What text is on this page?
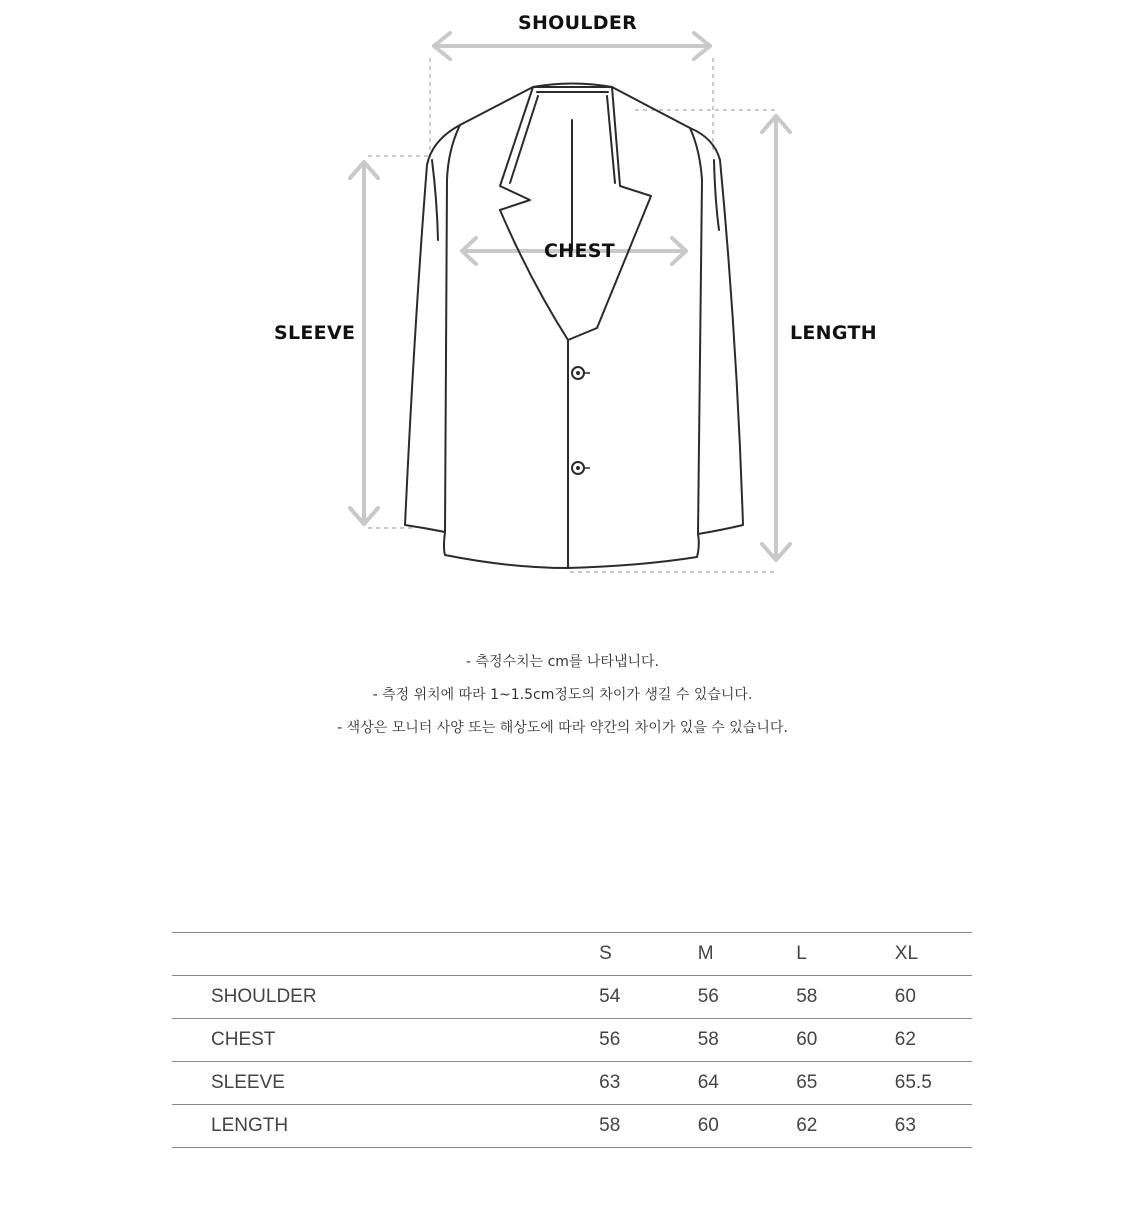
SHOULDER
CHEST
SLEEVE	LENGTH
- 측정수치는 cm를 나타냅니다.
- 측정 위치에 따라 1~1.5cm정도의 차이가 생길 수 있습니다.
- 색상은 모니터 사양 또는 해상도에 따라 약간의 차이가 있을 수 있습니다.
	S	M	L	XL
SHOULDER	54	56	58	60
CHEST	56	58	60	62
SLEEVE	63	64	65	65.5
LENGTH	58	60	62	63
